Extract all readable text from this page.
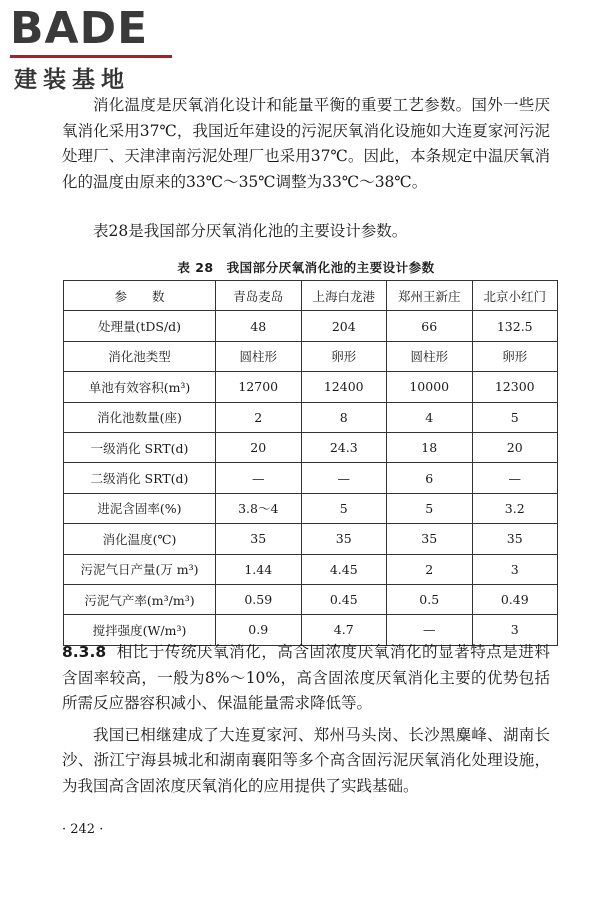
BADE
建装基地

消化温度是厌氧消化设计和能量平衡的重要工艺参数。国外一些厌氧消化采用37℃，我国近年建设的污泥厌氧消化设施如大连夏家河污泥处理厂、天津津南污泥处理厂也采用37℃。因此，本条规定中温厌氧消化的温度由原来的33℃～35℃调整为33℃～38℃。

表28是我国部分厌氧消化池的主要设计参数。

表 28　我国部分厌氧消化池的主要设计参数
参　　数	青岛麦岛	上海白龙港	郑州王新庄	北京小红门
处理量(tDS/d)	48	204	66	132.5
消化池类型	圆柱形	卵形	圆柱形	卵形
单池有效容积(m³)	12700	12400	10000	12300
消化池数量(座)	2	8	4	5
一级消化 SRT(d)	20	24.3	18	20
二级消化 SRT(d)	—	—	6	—
进泥含固率(%)	3.8～4	5	5	3.2
消化温度(℃)	35	35	35	35
污泥气日产量(万 m³)	1.44	4.45	2	3
污泥气产率(m³/m³)	0.59	0.45	0.5	0.49
搅拌强度(W/m³)	0.9	4.7	—	3

8.3.8 相比于传统厌氧消化，高含固浓度厌氧消化的显著特点是进料含固率较高，一般为8%～10%，高含固浓度厌氧消化主要的优势包括所需反应器容积减小、保温能量需求降低等。

我国已相继建成了大连夏家河、郑州马头岗、长沙黑麋峰、湖南长沙、浙江宁海县城北和湖南襄阳等多个高含固污泥厌氧消化处理设施，为我国高含固浓度厌氧消化的应用提供了实践基础。

· 242 ·
